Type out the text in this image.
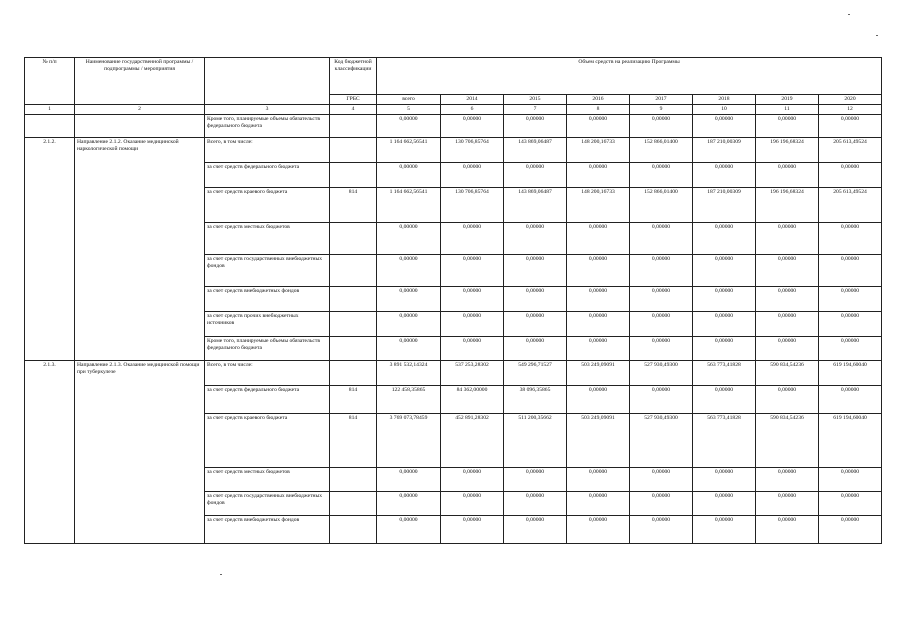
№ п/п	Наименование государственной программы / подпрограммы / мероприятия		Код бюджетной классификации	Объем средств на реализацию Программы							
			ГРБС	всего	2014	2015	2016	2017	2018	2019	2020
1	2	3	4	5	6	7	8	9	10	11	12
		Кроме того, планируемые объемы обязательств федерального бюджета		0,00000	0,00000	0,00000	0,00000	0,00000	0,00000	0,00000	0,00000
2.1.2.	Направление 2.1.2. Оказание медицинской наркологической помощи	Всего, в том числе:		1 164 662,56541	130 706,85764	143 869,06487	148 200,16733	152 866,01400	187 210,00309	196 196,68324	205 613,49524
		за счет средств федерального бюджета		0,00000	0,00000	0,00000	0,00000	0,00000	0,00000	0,00000	0,00000
		за счет средств краевого бюджета	814	1 164 662,56541	130 706,85764	143 869,06487	148 200,16733	152 866,01400	187 210,00309	196 196,68324	205 613,49524
		за счет средств местных бюджетов		0,00000	0,00000	0,00000	0,00000	0,00000	0,00000	0,00000	0,00000
		за счет средств государственных внебюджетных фондов		0,00000	0,00000	0,00000	0,00000	0,00000	0,00000	0,00000	0,00000
		за счет средств внебюджетных фондов		0,00000	0,00000	0,00000	0,00000	0,00000	0,00000	0,00000	0,00000
		за счет средств прочих внебюджетных источников		0,00000	0,00000	0,00000	0,00000	0,00000	0,00000	0,00000	0,00000
		Кроме того, планируемые объемы обязательств федерального бюджета		0,00000	0,00000	0,00000	0,00000	0,00000	0,00000	0,00000	0,00000
2.1.3.	Направление 2.1.3. Оказание медицинской помощи при туберкулезе	Всего, в том числе:		3 891 532,14324	537 253,28302	549 296,71527	503 249,09091	527 930,49300	563 773,41828	590 834,54236	619 194,60040
		за счет средств федерального бюджета	814	122 458,35865	84 362,00000	38 096,35865	0,00000	0,00000	0,00000	0,00000	0,00000
		за счет средств краевого бюджета	814	3 769 073,78459	452 891,28302	511 200,35662	503 249,09091	527 930,49300	563 773,41828	590 834,54236	619 194,60040
		за счет средств местных бюджетов		0,00000	0,00000	0,00000	0,00000	0,00000	0,00000	0,00000	0,00000
		за счет средств государственных внебюджетных фондов		0,00000	0,00000	0,00000	0,00000	0,00000	0,00000	0,00000	0,00000
		за счет средств внебюджетных фондов		0,00000	0,00000	0,00000	0,00000	0,00000	0,00000	0,00000	0,00000
